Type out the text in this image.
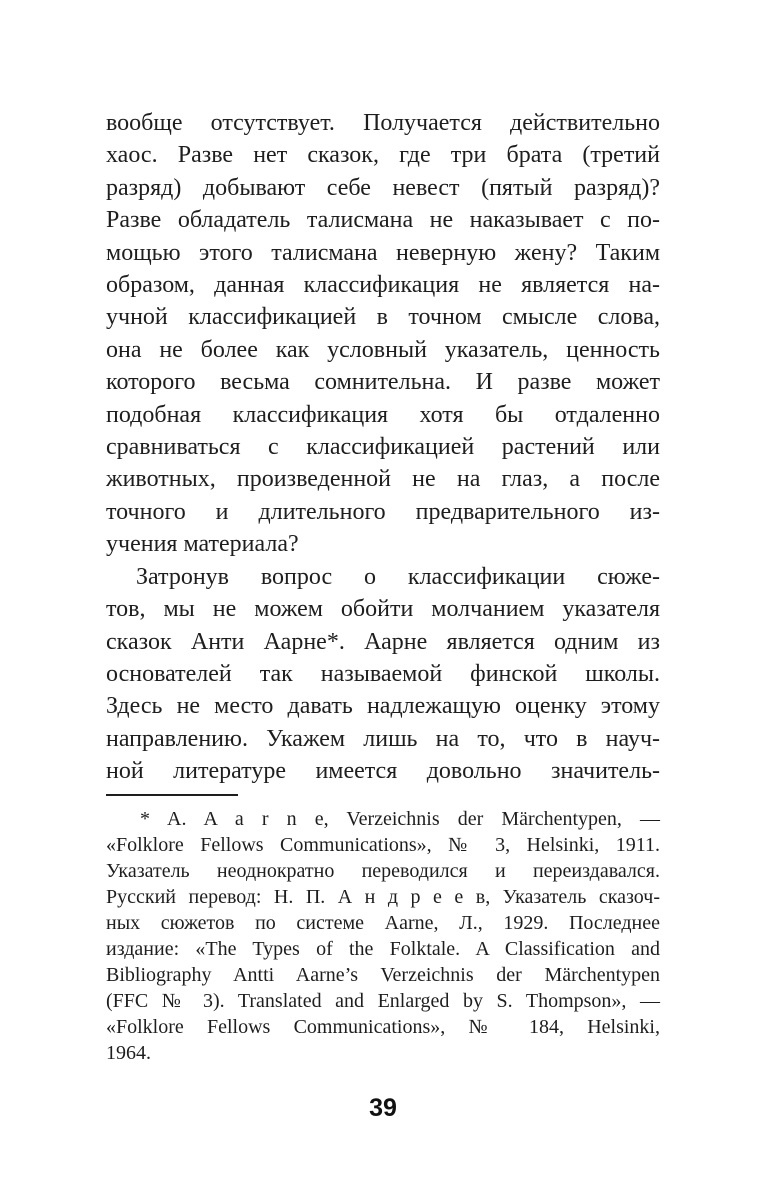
вообще отсутствует. Получается действительно
хаос. Разве нет сказок, где три брата (третий
разряд) добывают себе невест (пятый разряд)?
Разве обладатель талисмана не наказывает с по-
мощью этого талисмана неверную жену? Таким
образом, данная классификация не является на-
учной классификацией в точном смысле слова,
она не более как условный указатель, ценность
которого весьма сомнительна. И разве может
подобная классификация хотя бы отдаленно
сравниваться с классификацией растений или
животных, произведенной не на глаз, а после
точного и длительного предварительного из-
учения материала?
Затронув вопрос о классификации сюже-
тов, мы не можем обойти молчанием указателя
сказок Анти Аарне*. Аарне является одним из
основателей так называемой финской школы.
Здесь не место давать надлежащую оценку этому
направлению. Укажем лишь на то, что в науч-
ной литературе имеется довольно значитель-
* A. A a r n e, Verzeichnis der Märchentypen, —
«Folklore Fellows Communications», № 3, Helsinki, 1911.
Указатель неоднократно переводился и переиздавался.
Русский перевод: Н. П. А н д р е е в, Указатель сказоч-
ных сюжетов по системе Aarne, Л., 1929. Последнее
издание: «The Types of the Folktale. A Classification and
Bibliography Antti Aarne’s Verzeichnis der Märchentypen
(FFC № 3). Translated and Enlarged by S. Thompson», —
«Folklore Fellows Communications», № 184, Helsinki,
1964.
39
